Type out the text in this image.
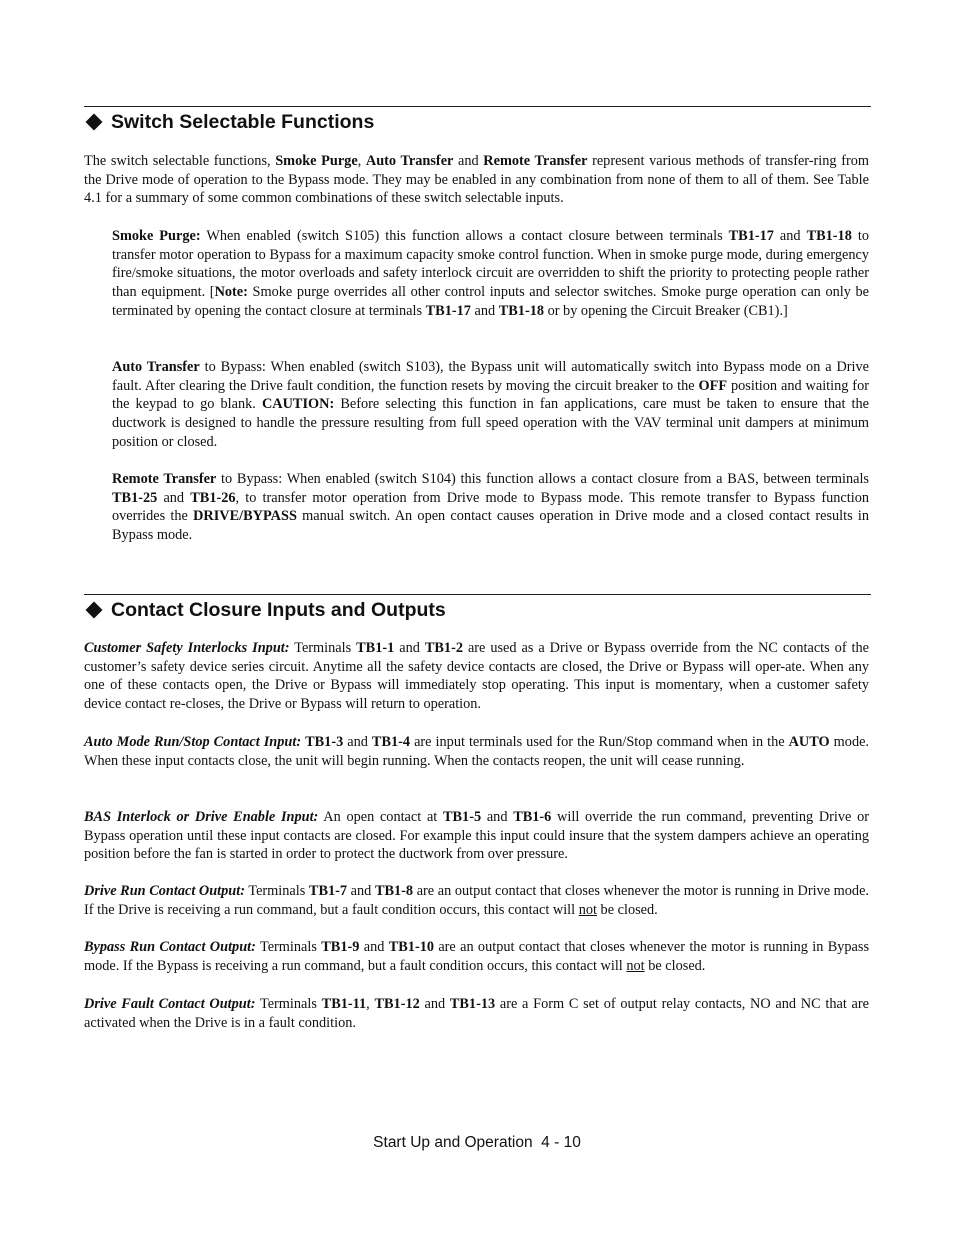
Switch Selectable Functions

The switch selectable functions, Smoke Purge, Auto Transfer and Remote Transfer represent various methods of transfer-ring from the Drive mode of operation to the Bypass mode. They may be enabled in any combination from none of them to all of them. See Table 4.1 for a summary of some common combinations of these switch selectable inputs.

Smoke Purge: When enabled (switch S105) this function allows a contact closure between terminals TB1-17 and TB1-18 to transfer motor operation to Bypass for a maximum capacity smoke control function. When in smoke purge mode, during emergency fire/smoke situations, the motor overloads and safety interlock circuit are overridden to shift the priority to protecting people rather than equipment. [Note: Smoke purge overrides all other control inputs and selector switches. Smoke purge operation can only be terminated by opening the contact closure at terminals TB1-17 and TB1-18 or by opening the Circuit Breaker (CB1).]

Auto Transfer to Bypass: When enabled (switch S103), the Bypass unit will automatically switch into Bypass mode on a Drive fault. After clearing the Drive fault condition, the function resets by moving the circuit breaker to the OFF position and waiting for the keypad to go blank. CAUTION: Before selecting this function in fan applications, care must be taken to ensure that the ductwork is designed to handle the pressure resulting from full speed operation with the VAV terminal unit dampers at minimum position or closed.

Remote Transfer to Bypass: When enabled (switch S104) this function allows a contact closure from a BAS, between terminals TB1-25 and TB1-26, to transfer motor operation from Drive mode to Bypass mode. This remote transfer to Bypass function overrides the DRIVE/BYPASS manual switch. An open contact causes operation in Drive mode and a closed contact results in Bypass mode.

Contact Closure Inputs and Outputs

Customer Safety Interlocks Input: Terminals TB1-1 and TB1-2 are used as a Drive or Bypass override from the NC contacts of the customer’s safety device series circuit. Anytime all the safety device contacts are closed, the Drive or Bypass will oper-ate. When any one of these contacts open, the Drive or Bypass will immediately stop operating. This input is momentary, when a customer safety device contact re-closes, the Drive or Bypass will return to operation.

Auto Mode Run/Stop Contact Input: TB1-3 and TB1-4 are input terminals used for the Run/Stop command when in the AUTO mode. When these input contacts close, the unit will begin running. When the contacts reopen, the unit will cease running.

BAS Interlock or Drive Enable Input: An open contact at TB1-5 and TB1-6 will override the run command, preventing Drive or Bypass operation until these input contacts are closed. For example this input could insure that the system dampers achieve an operating position before the fan is started in order to protect the ductwork from over pressure.

Drive Run Contact Output: Terminals TB1-7 and TB1-8 are an output contact that closes whenever the motor is running in Drive mode. If the Drive is receiving a run command, but a fault condition occurs, this contact will not be closed.

Bypass Run Contact Output: Terminals TB1-9 and TB1-10 are an output contact that closes whenever the motor is running in Bypass mode. If the Bypass is receiving a run command, but a fault condition occurs, this contact will not be closed.

Drive Fault Contact Output: Terminals TB1-11, TB1-12 and TB1-13 are a Form C set of output relay contacts, NO and NC that are activated when the Drive is in a fault condition.

Start Up and Operation  4 - 10
